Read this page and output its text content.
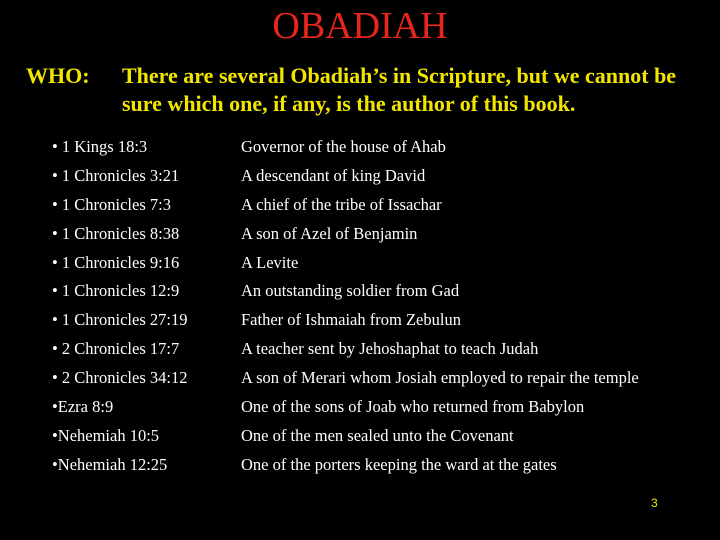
OBADIAH
WHO: There are several Obadiah’s in Scripture, but we cannot be sure which one, if any, is the author of this book.
• 1 Kings 18:3	Governor of the house of Ahab
• 1 Chronicles 3:21	A descendant of king David
• 1 Chronicles 7:3	A chief of the tribe of Issachar
• 1 Chronicles 8:38	A son of Azel of Benjamin
• 1 Chronicles 9:16	A Levite
• 1 Chronicles 12:9	An outstanding soldier from Gad
• 1 Chronicles 27:19	Father of Ishmaiah from Zebulun
• 2 Chronicles 17:7	A teacher sent by Jehoshaphat to teach Judah
• 2 Chronicles 34:12	A son of Merari whom Josiah employed to repair the temple
•Ezra 8:9	One of the sons of Joab who returned from Babylon
•Nehemiah 10:5	One of the men sealed unto the Covenant
•Nehemiah 12:25	One of the porters keeping the ward at the gates
3
